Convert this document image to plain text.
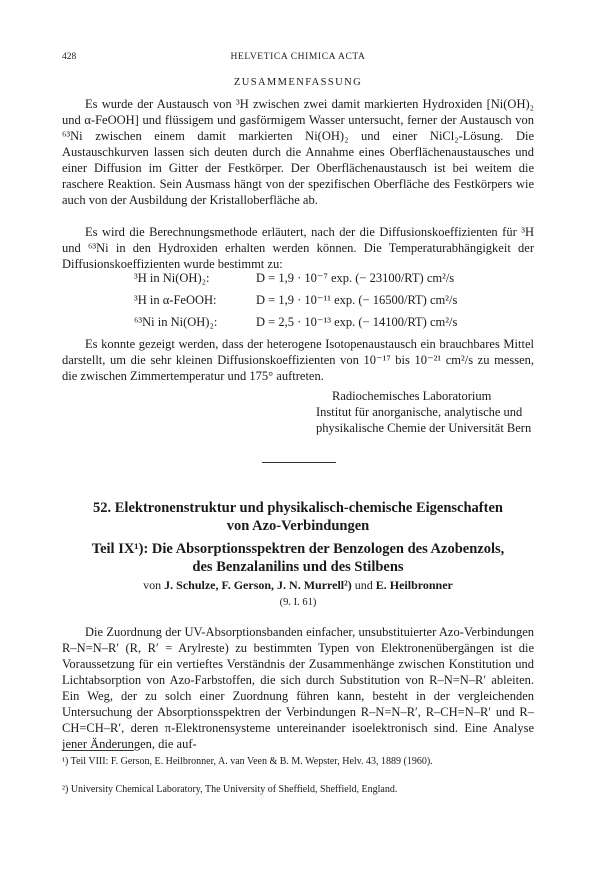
428	HELVETICA CHIMICA ACTA
ZUSAMMENFASSUNG
Es wurde der Austausch von ³H zwischen zwei damit markierten Hydroxiden [Ni(OH)₂ und α-FeOOH] und flüssigem und gasförmigem Wasser untersucht, ferner der Austausch von ⁶³Ni zwischen einem damit markierten Ni(OH)₂ und einer NiCl₂-Lösung. Die Austauschkurven lassen sich deuten durch die Annahme eines Oberflächenaustausches und einer Diffusion im Gitter der Festkörper. Der Oberflächenaustausch ist bei weitem die raschere Reaktion. Sein Ausmass hängt von der spezifischen Oberfläche des Festkörpers wie auch von der Ausbildung der Kristalloberfläche ab.
Es wird die Berechnungsmethode erläutert, nach der die Diffusionskoeffizienten für ³H und ⁶³Ni in den Hydroxiden erhalten werden können. Die Temperaturabhängigkeit der Diffusionskoeffizienten wurde bestimmt zu:
³H in Ni(OH)₂:	D = 1,9 · 10⁻⁷ exp. (− 23100/RT) cm²/s
³H in α-FeOOH:	D = 1,9 · 10⁻¹¹ exp. (− 16500/RT) cm²/s
⁶³Ni in Ni(OH)₂:	D = 2,5 · 10⁻¹³ exp. (− 14100/RT) cm²/s
Es konnte gezeigt werden, dass der heterogene Isotopenaustausch ein brauchbares Mittel darstellt, um die sehr kleinen Diffusionskoeffizienten von 10⁻¹⁷ bis 10⁻²¹ cm²/s zu messen, die zwischen Zimmertemperatur und 175° auftreten.
Radiochemisches Laboratorium
Institut für anorganische, analytische und
physikalische Chemie der Universität Bern
52. Elektronenstruktur und physikalisch-chemische Eigenschaften
von Azo-Verbindungen
Teil IX¹): Die Absorptionsspektren der Benzologen des Azobenzols,
des Benzalanilins und des Stilbens
von J. Schulze, F. Gerson, J. N. Murrell²) und E. Heilbronner
(9. I. 61)
Die Zuordnung der UV-Absorptionsbanden einfacher, unsubstituierter Azo-Verbindungen R–N=N–R′ (R, R′ = Arylreste) zu bestimmten Typen von Elektronenübergängen ist die Voraussetzung für ein vertieftes Verständnis der Zusammenhänge zwischen Konstitution und Lichtabsorption von Azo-Farbstoffen, die sich durch Substitution von R–N=N–R′ ableiten. Ein Weg, der zu solch einer Zuordnung führen kann, besteht in der vergleichenden Untersuchung der Absorptionsspektren der Verbindungen R–N=N–R′, R–CH=N–R′ und R–CH=CH–R′, deren π-Elektronensysteme untereinander isoelektronisch sind. Eine Analyse jener Änderungen, die auf-
¹) Teil VIII: F. Gerson, E. Heilbronner, A. van Veen & B. M. Wepster, Helv. 43, 1889 (1960).
²) University Chemical Laboratory, The University of Sheffield, Sheffield, England.
